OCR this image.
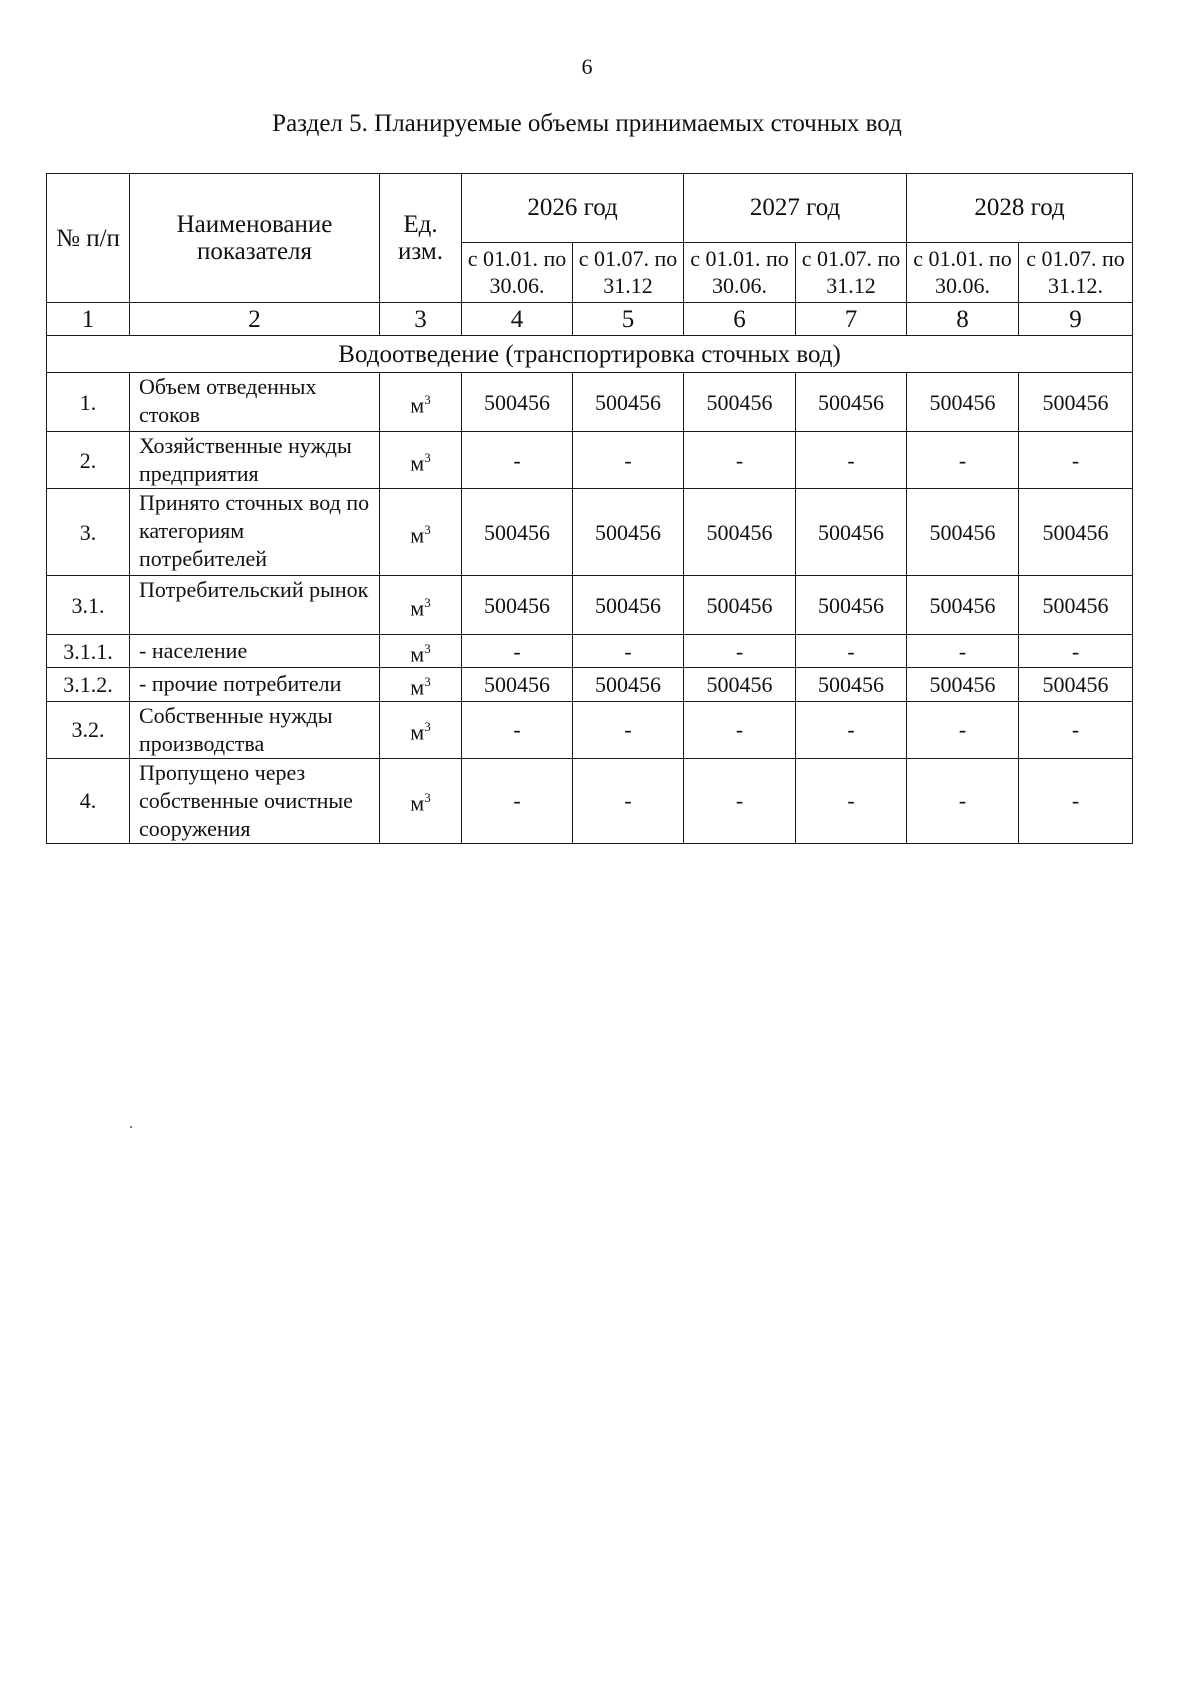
6
Раздел 5. Планируемые объемы принимаемых сточных вод
№ п/п	Наименование показателя	Ед. изм.	2026 год		2027 год		2028 год	
			с 01.01. по 30.06.	с 01.07. по 31.12	с 01.01. по 30.06.	с 01.07. по 31.12	с 01.01. по 30.06.	с 01.07. по 31.12.
1	2	3	4	5	6	7	8	9
Водоотведение (транспортировка сточных вод)								
1.	Объем отведенных стоков	$м^3$	500456	500456	500456	500456	500456	500456
2.	Хозяйственные нужды предприятия	$м^3$	-	-	-	-	-	-
3.	Принято сточных вод по категориям потребителей	$м^3$	500456	500456	500456	500456	500456	500456
3.1.	Потребительский рынок	$м^3$	500456	500456	500456	500456	500456	500456
3.1.1.	- население	$м^3$	-	-	-	-	-	-
3.1.2.	- прочие потребители	$м^3$	500456	500456	500456	500456	500456	500456
3.2.	Собственные нужды производства	$м^3$	-	-	-	-	-	-
4.	Пропущено через собственные очистные сооружения	$м^3$	-	-	-	-	-	-
